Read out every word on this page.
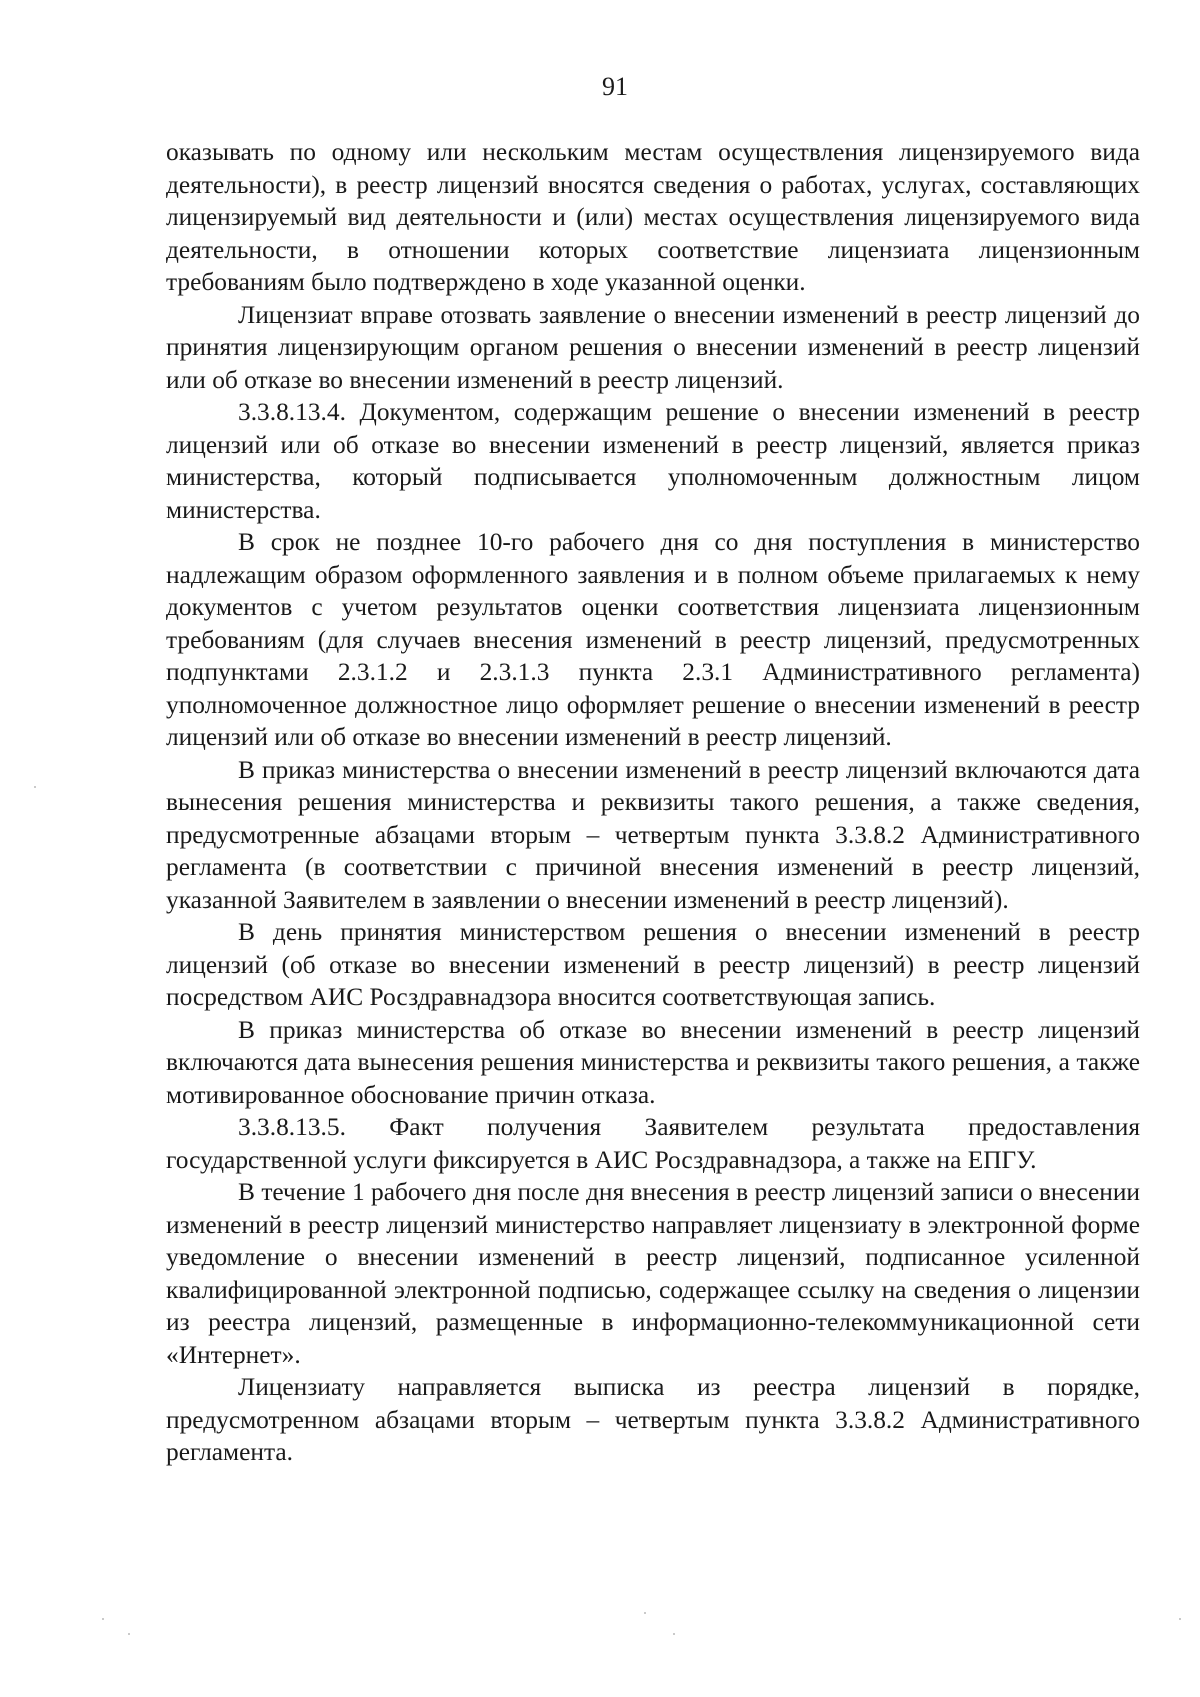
91

оказывать по одному или нескольким местам осуществления лицензируемого вида деятельности), в реестр лицензий вносятся сведения о работах, услугах, составляющих лицензируемый вид деятельности и (или) местах осуществления лицензируемого вида деятельности, в отношении которых соответствие лицензиата лицензионным требованиям было подтверждено в ходе указанной оценки.

Лицензиат вправе отозвать заявление о внесении изменений в реестр лицензий до принятия лицензирующим органом решения о внесении изменений в реестр лицензий или об отказе во внесении изменений в реестр лицензий.

3.3.8.13.4. Документом, содержащим решение о внесении изменений в реестр лицензий или об отказе во внесении изменений в реестр лицензий, является приказ министерства, который подписывается уполномоченным должностным лицом министерства.

В срок не позднее 10-го рабочего дня со дня поступления в министерство надлежащим образом оформленного заявления и в полном объеме прилагаемых к нему документов с учетом результатов оценки соответствия лицензиата лицензионным требованиям (для случаев внесения изменений в реестр лицензий, предусмотренных подпунктами 2.3.1.2 и 2.3.1.3 пункта 2.3.1 Административного регламента) уполномоченное должностное лицо оформляет решение о внесении изменений в реестр лицензий или об отказе во внесении изменений в реестр лицензий.

В приказ министерства о внесении изменений в реестр лицензий включаются дата вынесения решения министерства и реквизиты такого решения, а также сведения, предусмотренные абзацами вторым – четвертым пункта 3.3.8.2 Административного регламента (в соответствии с причиной внесения изменений в реестр лицензий, указанной Заявителем в заявлении о внесении изменений в реестр лицензий).

В день принятия министерством решения о внесении изменений в реестр лицензий (об отказе во внесении изменений в реестр лицензий) в реестр лицензий посредством АИС Росздравнадзора вносится соответствующая запись.

В приказ министерства об отказе во внесении изменений в реестр лицензий включаются дата вынесения решения министерства и реквизиты такого решения, а также мотивированное обоснование причин отказа.

3.3.8.13.5. Факт получения Заявителем результата предоставления государственной услуги фиксируется в АИС Росздравнадзора, а также на ЕПГУ.

В течение 1 рабочего дня после дня внесения в реестр лицензий записи о внесении изменений в реестр лицензий министерство направляет лицензиату в электронной форме уведомление о внесении изменений в реестр лицензий, подписанное усиленной квалифицированной электронной подписью, содержащее ссылку на сведения о лицензии из реестра лицензий, размещенные в информационно-телекоммуникационной сети «Интернет».

Лицензиату направляется выписка из реестра лицензий в порядке, предусмотренном абзацами вторым – четвертым пункта 3.3.8.2 Административного регламента.
